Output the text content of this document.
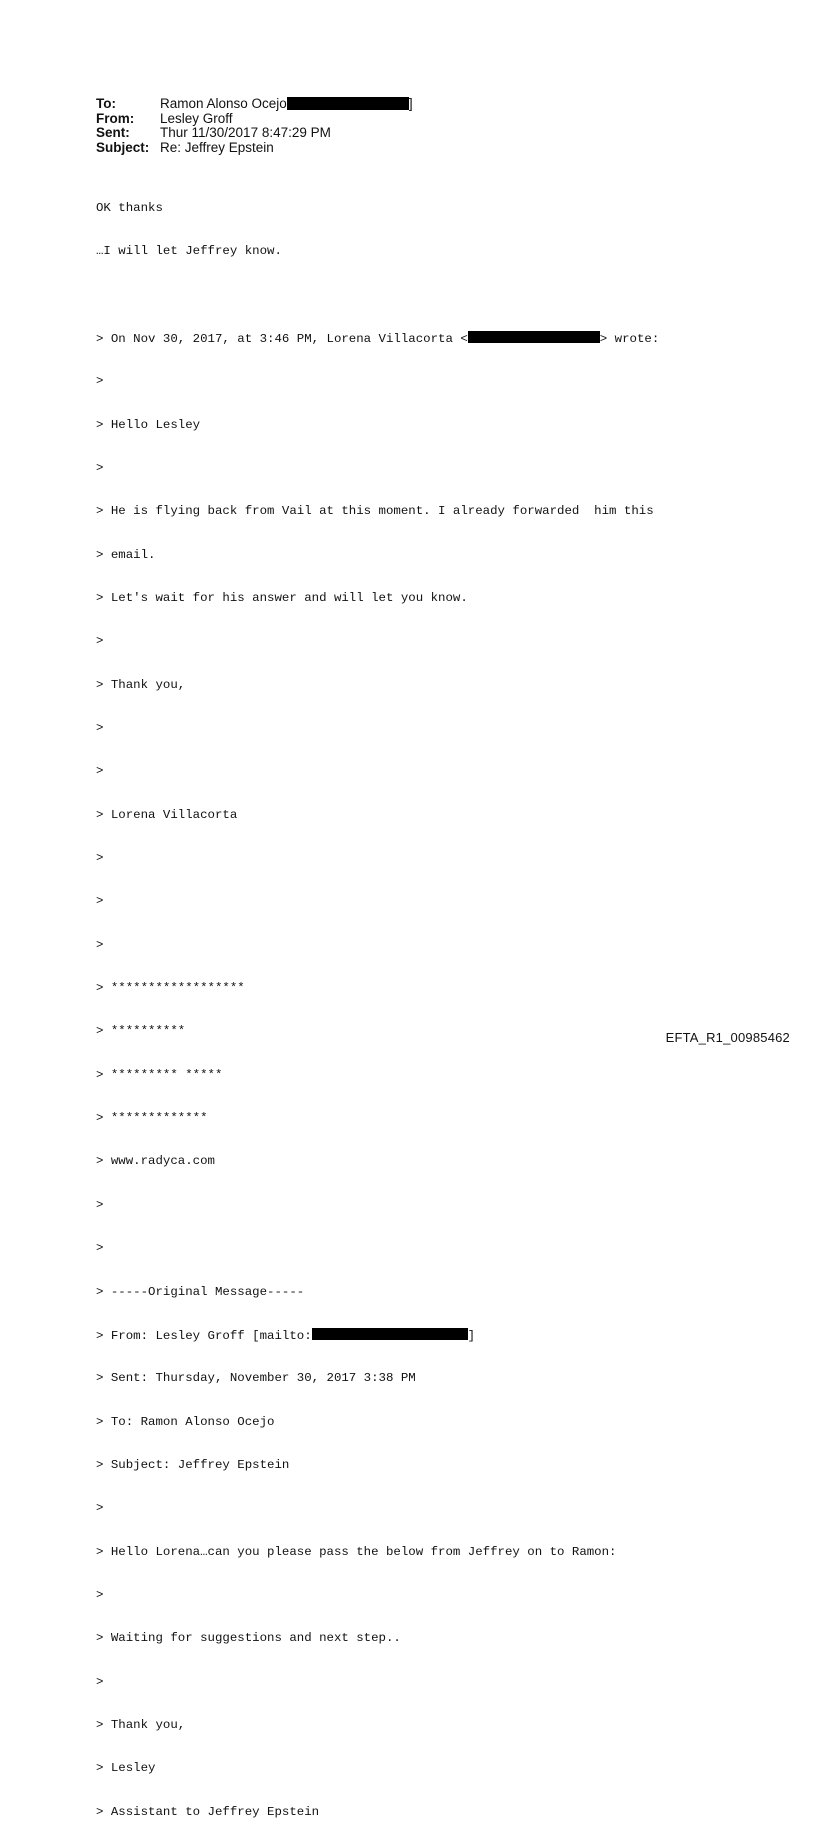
To:	Ramon Alonso Ocejo	]
From:	Lesley Groff
Sent:	Thur 11/30/2017 8:47:29 PM
Subject: Re: Jeffrey Epstein

OK thanks

…I will let Jeffrey know.

> On Nov 30, 2017, at 3:46 PM, Lorena Villacorta <	> wrote:

>

> Hello Lesley

>

> He is flying back from Vail at this moment. I already forwarded  him this

> email.

> Let's wait for his answer and will let you know.

>

> Thank you,

>

>

> Lorena Villacorta

>

>

>

> ******************

> **********

> ********* *****

> *************

> www.radyca.com

>

>

> -----Original Message-----

> From: Lesley Groff [mailto:	]

> Sent: Thursday, November 30, 2017 3:38 PM

> To: Ramon Alonso Ocejo

> Subject: Jeffrey Epstein

>

> Hello Lorena…can you please pass the below from Jeffrey on to Ramon:

>

> Waiting for suggestions and next step..

>

> Thank you,

> Lesley

> Assistant to Jeffrey Epstein

EFTA_R1_00985462
